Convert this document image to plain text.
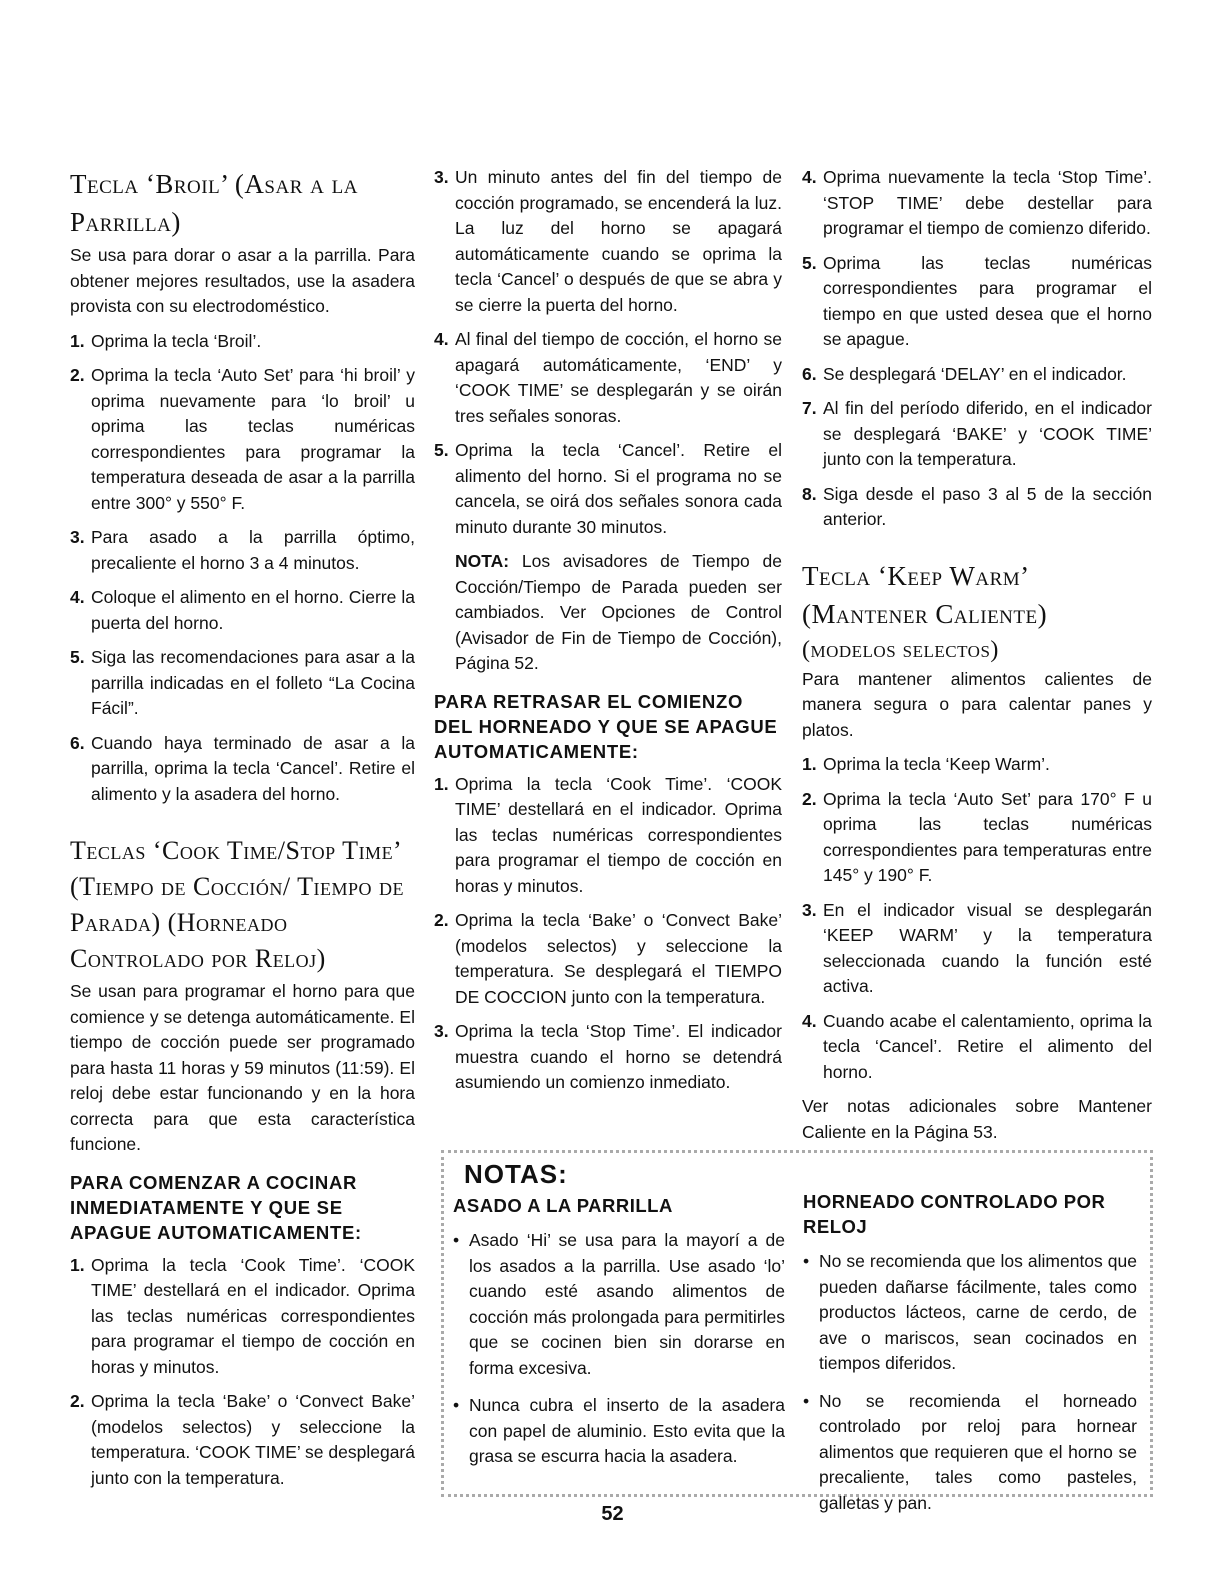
Tecla ‘Broil’ (Asar a la Parrilla)

Se usa para dorar o asar a la parrilla. Para obtener mejores resultados, use la asadera provista con su electrodoméstico.

1. Oprima la tecla ‘Broil’.
2. Oprima la tecla ‘Auto Set’ para ‘hi broil’ y oprima nuevamente para ‘lo broil’ u oprima las teclas numéricas correspondientes para programar la temperatura deseada de asar a la parrilla entre 300° y 550° F.
3. Para asado a la parrilla óptimo, precaliente el horno 3 a 4 minutos.
4. Coloque el alimento en el horno. Cierre la puerta del horno.
5. Siga las recomendaciones para asar a la parrilla indicadas en el folleto “La Cocina Fácil”.
6. Cuando haya terminado de asar a la parrilla, oprima la tecla ‘Cancel’. Retire el alimento y la asadera del horno.
Teclas ‘Cook Time/Stop Time’ (Tiempo de Cocción/ Tiempo de Parada) (Horneado Controlado por Reloj)

Se usan para programar el horno para que comience y se detenga automáticamente. El tiempo de cocción puede ser programado para hasta 11 horas y 59 minutos (11:59). El reloj debe estar funcionando y en la hora correcta para que esta característica funcione.

PARA COMENZAR A COCINAR INMEDIATAMENTE Y QUE SE APAGUE AUTOMATICAMENTE:
1. Oprima la tecla ‘Cook Time’. ‘COOK TIME’ destellará en el indicador. Oprima las teclas numéricas correspondientes para programar el tiempo de cocción en horas y minutos.
2. Oprima la tecla ‘Bake’ o ‘Convect Bake’ (modelos selectos) y seleccione la temperatura. ‘COOK TIME’ se desplegará junto con la temperatura.
3. Un minuto antes del fin del tiempo de cocción programado, se encenderá la luz. La luz del horno se apagará automáticamente cuando se oprima la tecla ‘Cancel’ o después de que se abra y se cierre la puerta del horno.
4. Al final del tiempo de cocción, el horno se apagará automáticamente, ‘END’ y ‘COOK TIME’ se desplegarán y se oirán tres señales sonoras.
5. Oprima la tecla ‘Cancel’. Retire el alimento del horno. Si el programa no se cancela, se oirá dos señales sonora cada minuto durante 30 minutos.

NOTA: Los avisadores de Tiempo de Cocción/Tiempo de Parada pueden ser cambiados. Ver Opciones de Control (Avisador de Fin de Tiempo de Cocción), Página 52.

PARA RETRASAR EL COMIENZO DEL HORNEADO Y QUE SE APAGUE AUTOMATICAMENTE:
1. Oprima la tecla ‘Cook Time’. ‘COOK TIME’ destellará en el indicador. Oprima las teclas numéricas correspondientes para programar el tiempo de cocción en horas y minutos.
2. Oprima la tecla ‘Bake’ o ‘Convect Bake’ (modelos selectos) y seleccione la temperatura. Se desplegará el TIEMPO DE COCCION junto con la temperatura.
3. Oprima la tecla ‘Stop Time’. El indicador muestra cuando el horno se detendrá asumiendo un comienzo inmediato.
4. Oprima nuevamente la tecla ‘Stop Time’. ‘STOP TIME’ debe destellar para programar el tiempo de comienzo diferido.
5. Oprima las teclas numéricas correspondientes para programar el tiempo en que usted desea que el horno se apague.
6. Se desplegará ‘DELAY’ en el indicador.
7. Al fin del período diferido, en el indicador se desplegará ‘BAKE’ y ‘COOK TIME’ junto con la temperatura.
8. Siga desde el paso 3 al 5 de la sección anterior.
Tecla ‘Keep Warm’ (Mantener Caliente)
(modelos selectos)

Para mantener alimentos calientes de manera segura o para calentar panes y platos.

1. Oprima la tecla ‘Keep Warm’.
2. Oprima la tecla ‘Auto Set’ para 170° F u oprima las teclas numéricas correspondientes para temperaturas entre 145° y 190° F.
3. En el indicador visual se desplegarán ‘KEEP WARM’ y la temperatura seleccionada cuando la función esté activa.
4. Cuando acabe el calentamiento, oprima la tecla ‘Cancel’. Retire el alimento del horno.

Ver notas adicionales sobre Mantener Caliente en la Página 53.

NOTAS:
ASADO A LA PARRILLA
• Asado ‘Hi’ se usa para la mayorí a de los asados a la parrilla. Use asado ‘lo’ cuando esté asando alimentos de cocción más prolongada para permitirles que se cocinen bien sin dorarse en forma excesiva.
• Nunca cubra el inserto de la asadera con papel de aluminio. Esto evita que la grasa se escurra hacia la asadera.
HORNEADO CONTROLADO POR RELOJ
• No se recomienda que los alimentos que pueden dañarse fácilmente, tales como productos lácteos, carne de cerdo, de ave o mariscos, sean cocinados en tiempos diferidos.
• No se recomienda el horneado controlado por reloj para hornear alimentos que requieren que el horno se precaliente, tales como pasteles, galletas y pan.
52
